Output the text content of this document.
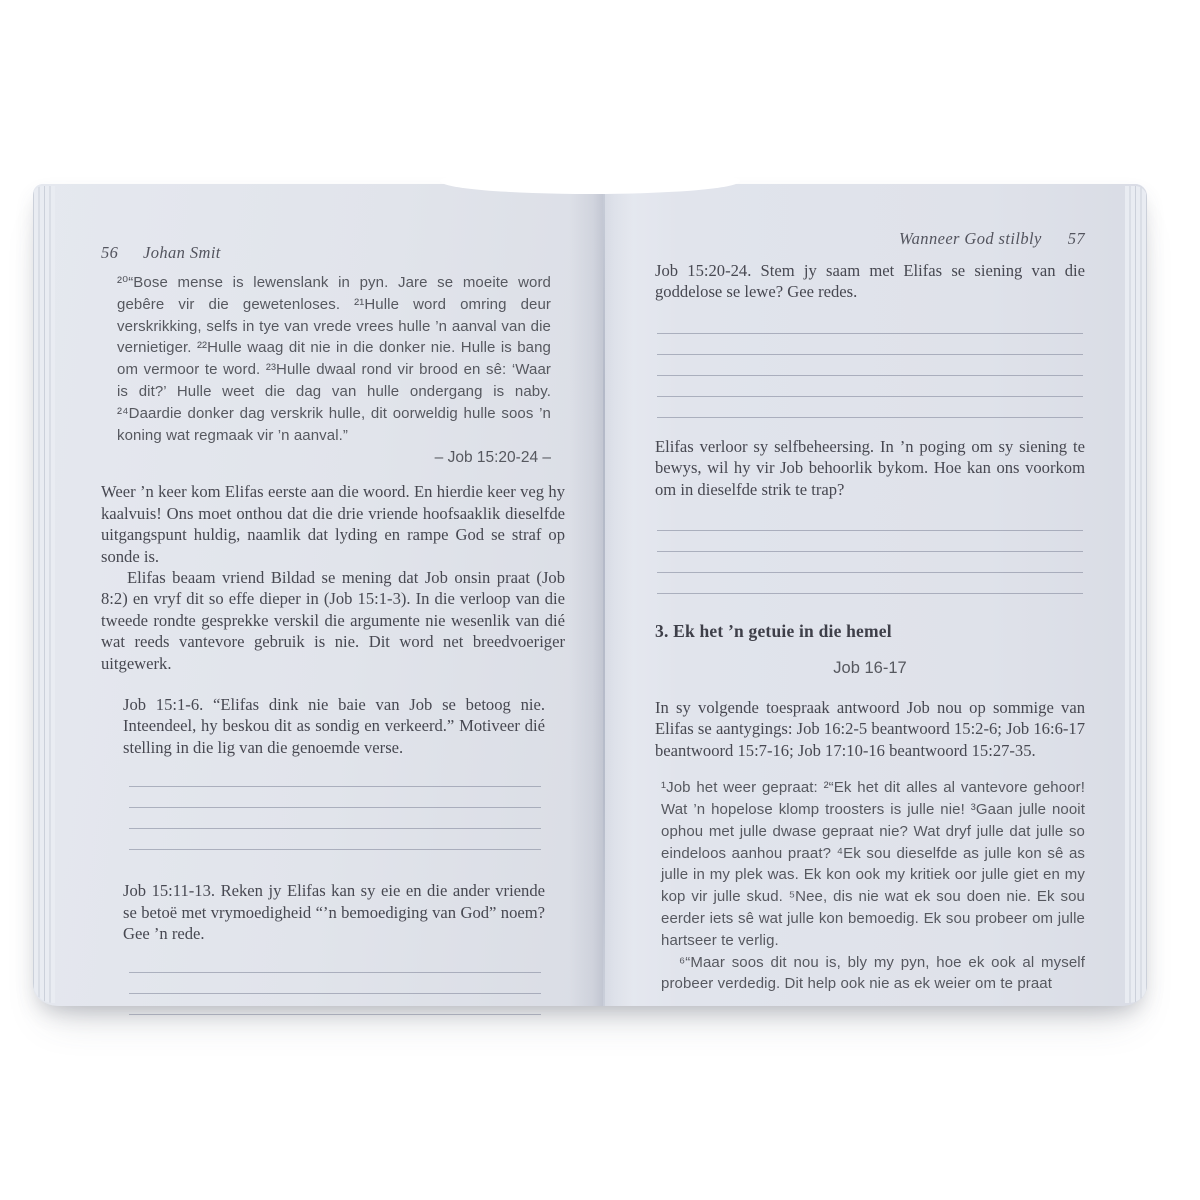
56	Johan Smit

²⁰“Bose mense is lewenslank in pyn. Jare se moeite word gebêre vir die gewetenloses. ²¹Hulle word omring deur verskrikking, selfs in tye van vrede vrees hulle ’n aanval van die vernietiger. ²²Hulle waag dit nie in die donker nie. Hulle is bang om vermoor te word. ²³Hulle dwaal rond vir brood en sê: ‘Waar is dit?’ Hulle weet die dag van hulle ondergang is naby. ²⁴Daardie donker dag verskrik hulle, dit oorweldig hulle soos ’n koning wat regmaak vir ’n aanval.”

– Job 15:20-24 –

Weer ’n keer kom Elifas eerste aan die woord. En hierdie keer veg hy kaalvuis! Ons moet onthou dat die drie vriende hoofsaaklik dieselfde uitgangspunt huldig, naamlik dat lyding en rampe God se straf op sonde is.

Elifas beaam vriend Bildad se mening dat Job onsin praat (Job 8:2) en vryf dit so effe dieper in (Job 15:1-3). In die verloop van die tweede rondte gesprekke verskil die argumente nie wesenlik van dié wat reeds vantevore gebruik is nie. Dit word net breedvoeriger uitgewerk.

Job 15:1-6. “Elifas dink nie baie van Job se betoog nie. Inteendeel, hy beskou dit as sondig en verkeerd.” Motiveer dié stelling in die lig van die genoemde verse.

Job 15:11-13. Reken jy Elifas kan sy eie en die ander vriende se betoë met vrymoedigheid “’n bemoediging van God” noem? Gee ’n rede.

Wanneer God stilbly 57

Job 15:20-24. Stem jy saam met Elifas se siening van die goddelose se lewe? Gee redes.

Elifas verloor sy selfbeheersing. In ’n poging om sy siening te bewys, wil hy vir Job behoorlik bykom. Hoe kan ons voorkom om in dieselfde strik te trap?

3. Ek het ’n getuie in die hemel
Job 16-17

In sy volgende toespraak antwoord Job nou op sommige van Elifas se aantygings: Job 16:2-5 beantwoord 15:2-6; Job 16:6-17 beantwoord 15:7-16; Job 17:10-16 beantwoord 15:27-35.

¹Job het weer gepraat: ²“Ek het dit alles al vantevore gehoor! Wat ’n hopelose klomp troosters is julle nie! ³Gaan julle nooit ophou met julle dwase gepraat nie? Wat dryf julle dat julle so eindeloos aanhou praat? ⁴Ek sou dieselfde as julle kon sê as julle in my plek was. Ek kon ook my kritiek oor julle giet en my kop vir julle skud. ⁵Nee, dis nie wat ek sou doen nie. Ek sou eerder iets sê wat julle kon bemoedig. Ek sou probeer om julle hartseer te verlig.

⁶“Maar soos dit nou is, bly my pyn, hoe ek ook al myself probeer verdedig. Dit help ook nie as ek weier om te praat
